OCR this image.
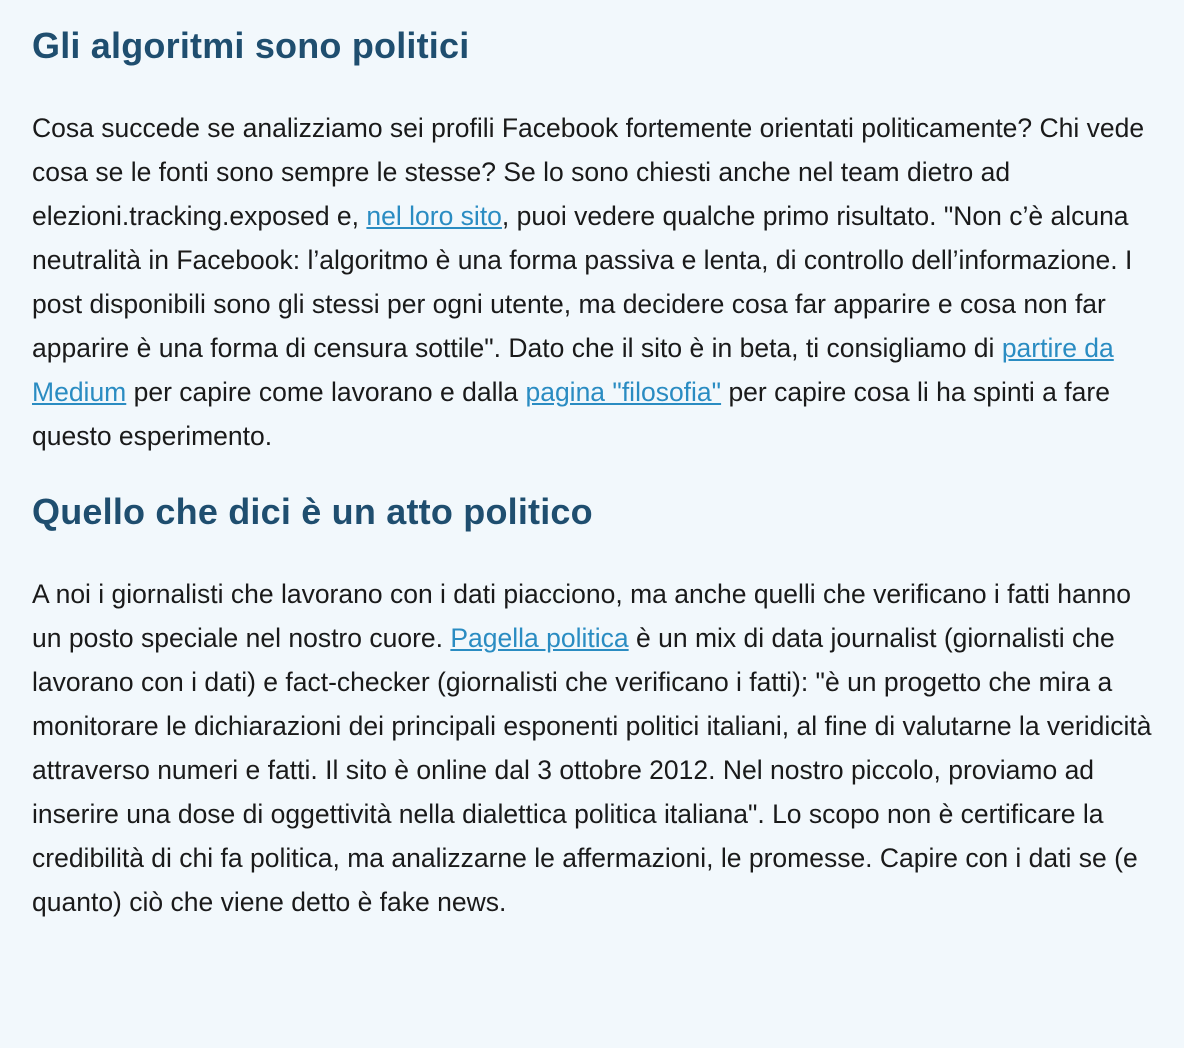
Gli algoritmi sono politici

Cosa succede se analizziamo sei profili Facebook fortemente orientati politicamente? Chi vede cosa se le fonti sono sempre le stesse? Se lo sono chiesti anche nel team dietro ad elezioni.tracking.exposed e, nel loro sito, puoi vedere qualche primo risultato. "Non c’è alcuna neutralità in Facebook: l’algoritmo è una forma passiva e lenta, di controllo dell’informazione. I post disponibili sono gli stessi per ogni utente, ma decidere cosa far apparire e cosa non far apparire è una forma di censura sottile". Dato che il sito è in beta, ti consigliamo di partire da Medium per capire come lavorano e dalla pagina "filosofia" per capire cosa li ha spinti a fare questo esperimento.

Quello che dici è un atto politico

A noi i giornalisti che lavorano con i dati piacciono, ma anche quelli che verificano i fatti hanno un posto speciale nel nostro cuore. Pagella politica è un mix di data journalist (giornalisti che lavorano con i dati) e fact-checker (giornalisti che verificano i fatti): "è un progetto che mira a monitorare le dichiarazioni dei principali esponenti politici italiani, al fine di valutarne la veridicità attraverso numeri e fatti. Il sito è online dal 3 ottobre 2012. Nel nostro piccolo, proviamo ad inserire una dose di oggettività nella dialettica politica italiana". Lo scopo non è certificare la credibilità di chi fa politica, ma analizzarne le affermazioni, le promesse. Capire con i dati se (e quanto) ciò che viene detto è fake news.
